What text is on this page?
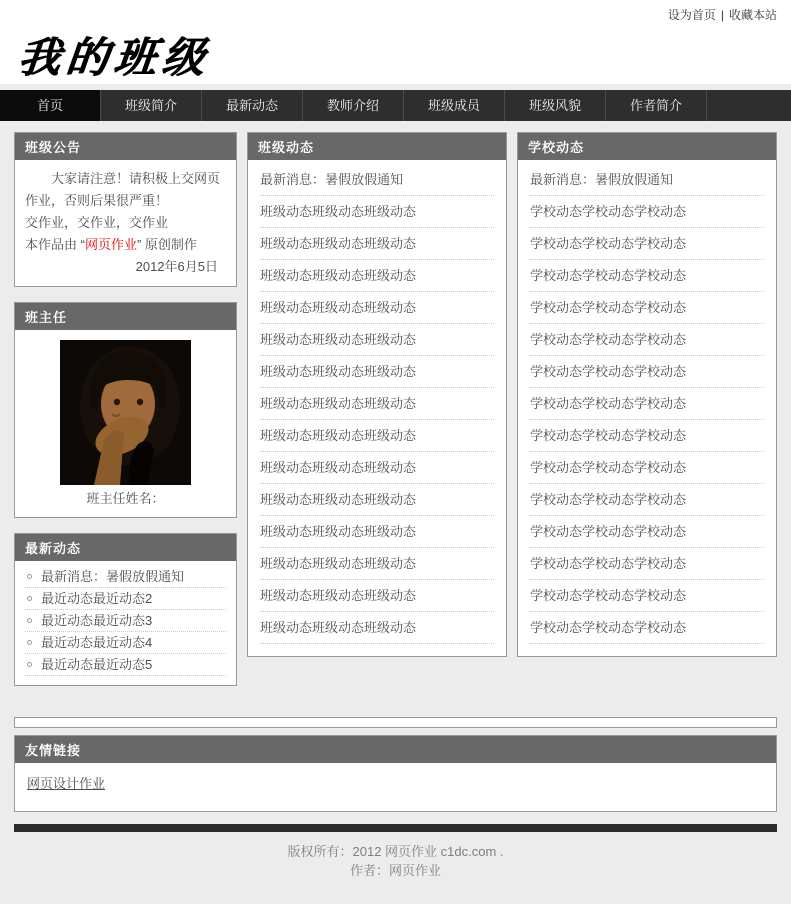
设为首页 | 收藏本站
我的班级
首页	班级简介	最新动态	教师介绍	班级成员	班级风貌	作者简介
班级公告

大家请注意！请积极上交网页作业，否则后果很严重！

交作业，交作业，交作业

本作品由 “网页作业” 原创制作

2012年6月5日

班主任
班主任姓名：
最新动态
最新消息：暑假放假通知
最近动态最近动态2
最近动态最近动态3
最近动态最近动态4
最近动态最近动态5
班级动态
最新消息：暑假放假通知
班级动态班级动态班级动态
班级动态班级动态班级动态
班级动态班级动态班级动态
班级动态班级动态班级动态
班级动态班级动态班级动态
班级动态班级动态班级动态
班级动态班级动态班级动态
班级动态班级动态班级动态
班级动态班级动态班级动态
班级动态班级动态班级动态
班级动态班级动态班级动态
班级动态班级动态班级动态
班级动态班级动态班级动态
班级动态班级动态班级动态
学校动态
最新消息：暑假放假通知
学校动态学校动态学校动态
学校动态学校动态学校动态
学校动态学校动态学校动态
学校动态学校动态学校动态
学校动态学校动态学校动态
学校动态学校动态学校动态
学校动态学校动态学校动态
学校动态学校动态学校动态
学校动态学校动态学校动态
学校动态学校动态学校动态
学校动态学校动态学校动态
学校动态学校动态学校动态
学校动态学校动态学校动态
学校动态学校动态学校动态
友情链接
网页设计作业

版权所有：2012 网页作业 c1dc.com .

作者：网页作业
